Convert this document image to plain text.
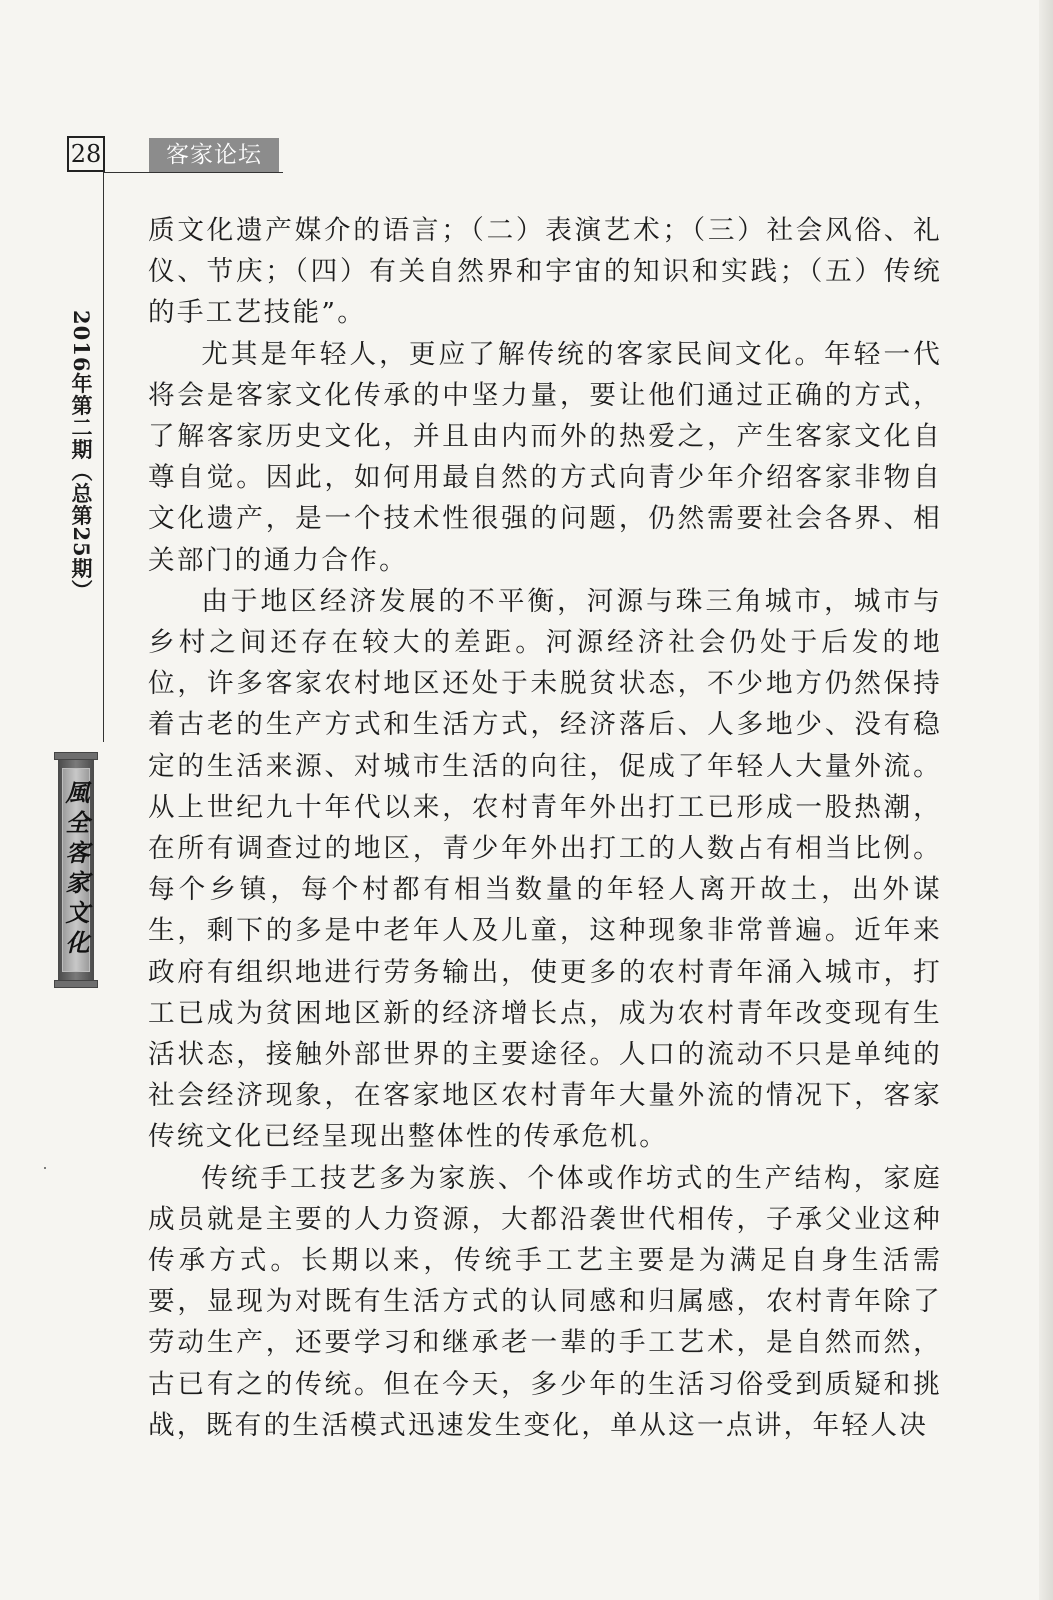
28	客家论坛
2016年第二期（总第25期）
風全客家文化

质文化遗产媒介的语言；（二）表演艺术；（三）社会风俗、礼仪、节庆；（四）有关自然界和宇宙的知识和实践；（五）传统的手工艺技能”。

尤其是年轻人，更应了解传统的客家民间文化。年轻一代将会是客家文化传承的中坚力量，要让他们通过正确的方式，了解客家历史文化，并且由内而外的热爱之，产生客家文化自尊自觉。因此，如何用最自然的方式向青少年介绍客家非物自文化遗产，是一个技术性很强的问题，仍然需要社会各界、相关部门的通力合作。

由于地区经济发展的不平衡，河源与珠三角城市，城市与乡村之间还存在较大的差距。河源经济社会仍处于后发的地位，许多客家农村地区还处于未脱贫状态，不少地方仍然保持着古老的生产方式和生活方式，经济落后、人多地少、没有稳定的生活来源、对城市生活的向往，促成了年轻人大量外流。从上世纪九十年代以来，农村青年外出打工已形成一股热潮，在所有调查过的地区，青少年外出打工的人数占有相当比例。每个乡镇，每个村都有相当数量的年轻人离开故土，出外谋生，剩下的多是中老年人及儿童，这种现象非常普遍。近年来政府有组织地进行劳务输出，使更多的农村青年涌入城市，打工已成为贫困地区新的经济增长点，成为农村青年改变现有生活状态，接触外部世界的主要途径。人口的流动不只是单纯的社会经济现象，在客家地区农村青年大量外流的情况下，客家传统文化已经呈现出整体性的传承危机。

传统手工技艺多为家族、个体或作坊式的生产结构，家庭成员就是主要的人力资源，大都沿袭世代相传，子承父业这种传承方式。长期以来，传统手工艺主要是为满足自身生活需要，显现为对既有生活方式的认同感和归属感，农村青年除了劳动生产，还要学习和继承老一辈的手工艺术，是自然而然，古已有之的传统。但在今天，多少年的生活习俗受到质疑和挑战，既有的生活模式迅速发生变化，单从这一点讲，年轻人决
